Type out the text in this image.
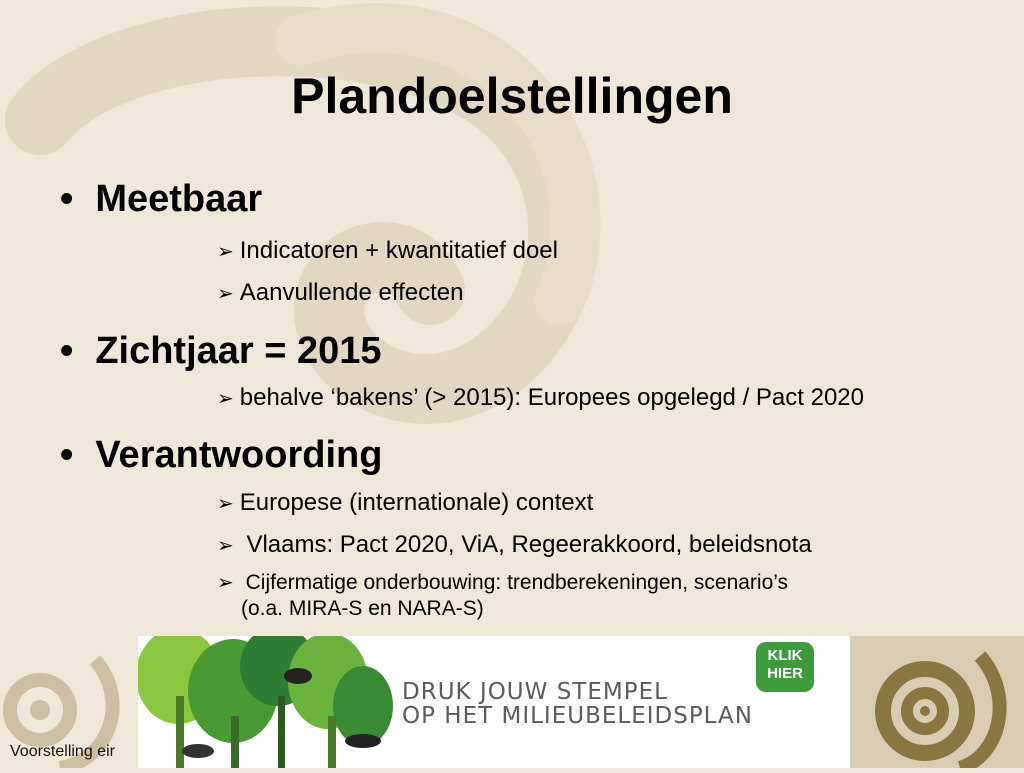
Plandoelstellingen
• Meetbaar
➢ Indicatoren + kwantitatief doel
➢ Aanvullende effecten
• Zichtjaar = 2015
➢ behalve ‘bakens’ (> 2015): Europees opgelegd / Pact 2020
• Verantwoording
➢ Europese (internationale) context
➢ Vlaams: Pact 2020, ViA, Regeerakkoord, beleidsnota
➢ Cijfermatige onderbouwing: trendberekeningen, scenario’s
(o.a. MIRA-S en NARA-S)
DRUK JOUW STEMPEL
OP HET MILIEUBELEIDSPLAN
KLIK
HIER
Voorstelling eir
